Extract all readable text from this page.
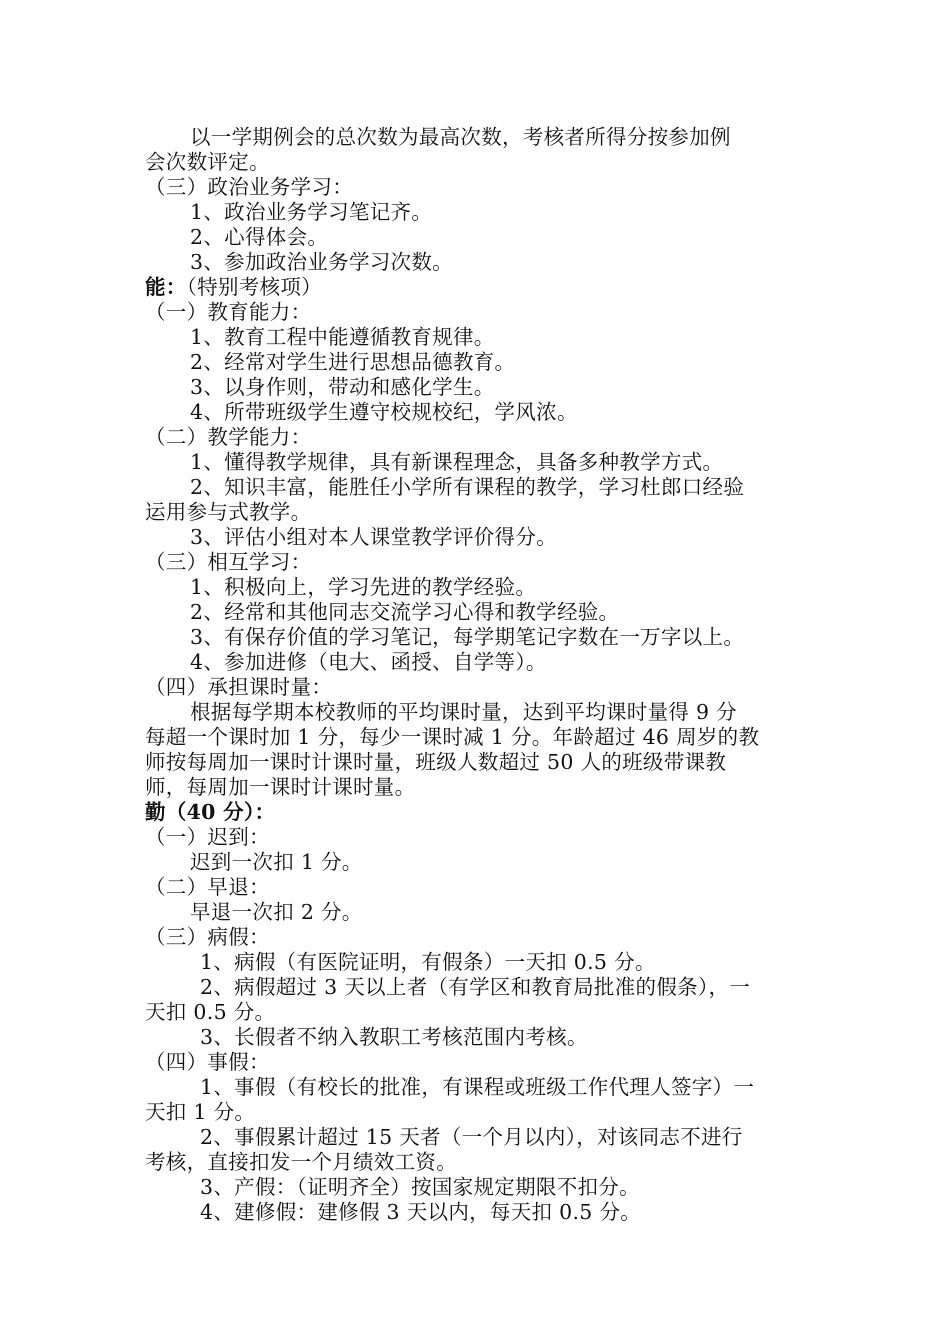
以一学期例会的总次数为最高次数，考核者所得分按参加例
会次数评定。
（三）政治业务学习：
1、政治业务学习笔记齐。
2、心得体会。
3、参加政治业务学习次数。
能：（特别考核项）
（一）教育能力：
1、教育工程中能遵循教育规律。
2、经常对学生进行思想品德教育。
3、以身作则，带动和感化学生。
4、所带班级学生遵守校规校纪，学风浓。
（二）教学能力：
1、懂得教学规律，具有新课程理念，具备多种教学方式。
2、知识丰富，能胜任小学所有课程的教学，学习杜郎口经验
运用参与式教学。
3、评估小组对本人课堂教学评价得分。
（三）相互学习：
1、积极向上，学习先进的教学经验。
2、经常和其他同志交流学习心得和教学经验。
3、有保存价值的学习笔记，每学期笔记字数在一万字以上。
4、参加进修（电大、函授、自学等）。
（四）承担课时量：
根据每学期本校教师的平均课时量，达到平均课时量得 9 分
每超一个课时加 1 分，每少一课时减 1 分。年龄超过 46 周岁的教
师按每周加一课时计课时量，班级人数超过 50 人的班级带课教
师，每周加一课时计课时量。
勤（40 分）：
（一）迟到：
迟到一次扣 1 分。
（二）早退：
早退一次扣 2 分。
（三）病假：
1、病假（有医院证明，有假条）一天扣 0.5 分。
2、病假超过 3 天以上者（有学区和教育局批准的假条），一
天扣 0.5 分。
3、长假者不纳入教职工考核范围内考核。
（四）事假：
1、事假（有校长的批准，有课程或班级工作代理人签字）一
天扣 1 分。
2、事假累计超过 15 天者（一个月以内），对该同志不进行
考核，直接扣发一个月绩效工资。
3、产假：（证明齐全）按国家规定期限不扣分。
4、建修假：建修假 3 天以内，每天扣 0.5 分。
